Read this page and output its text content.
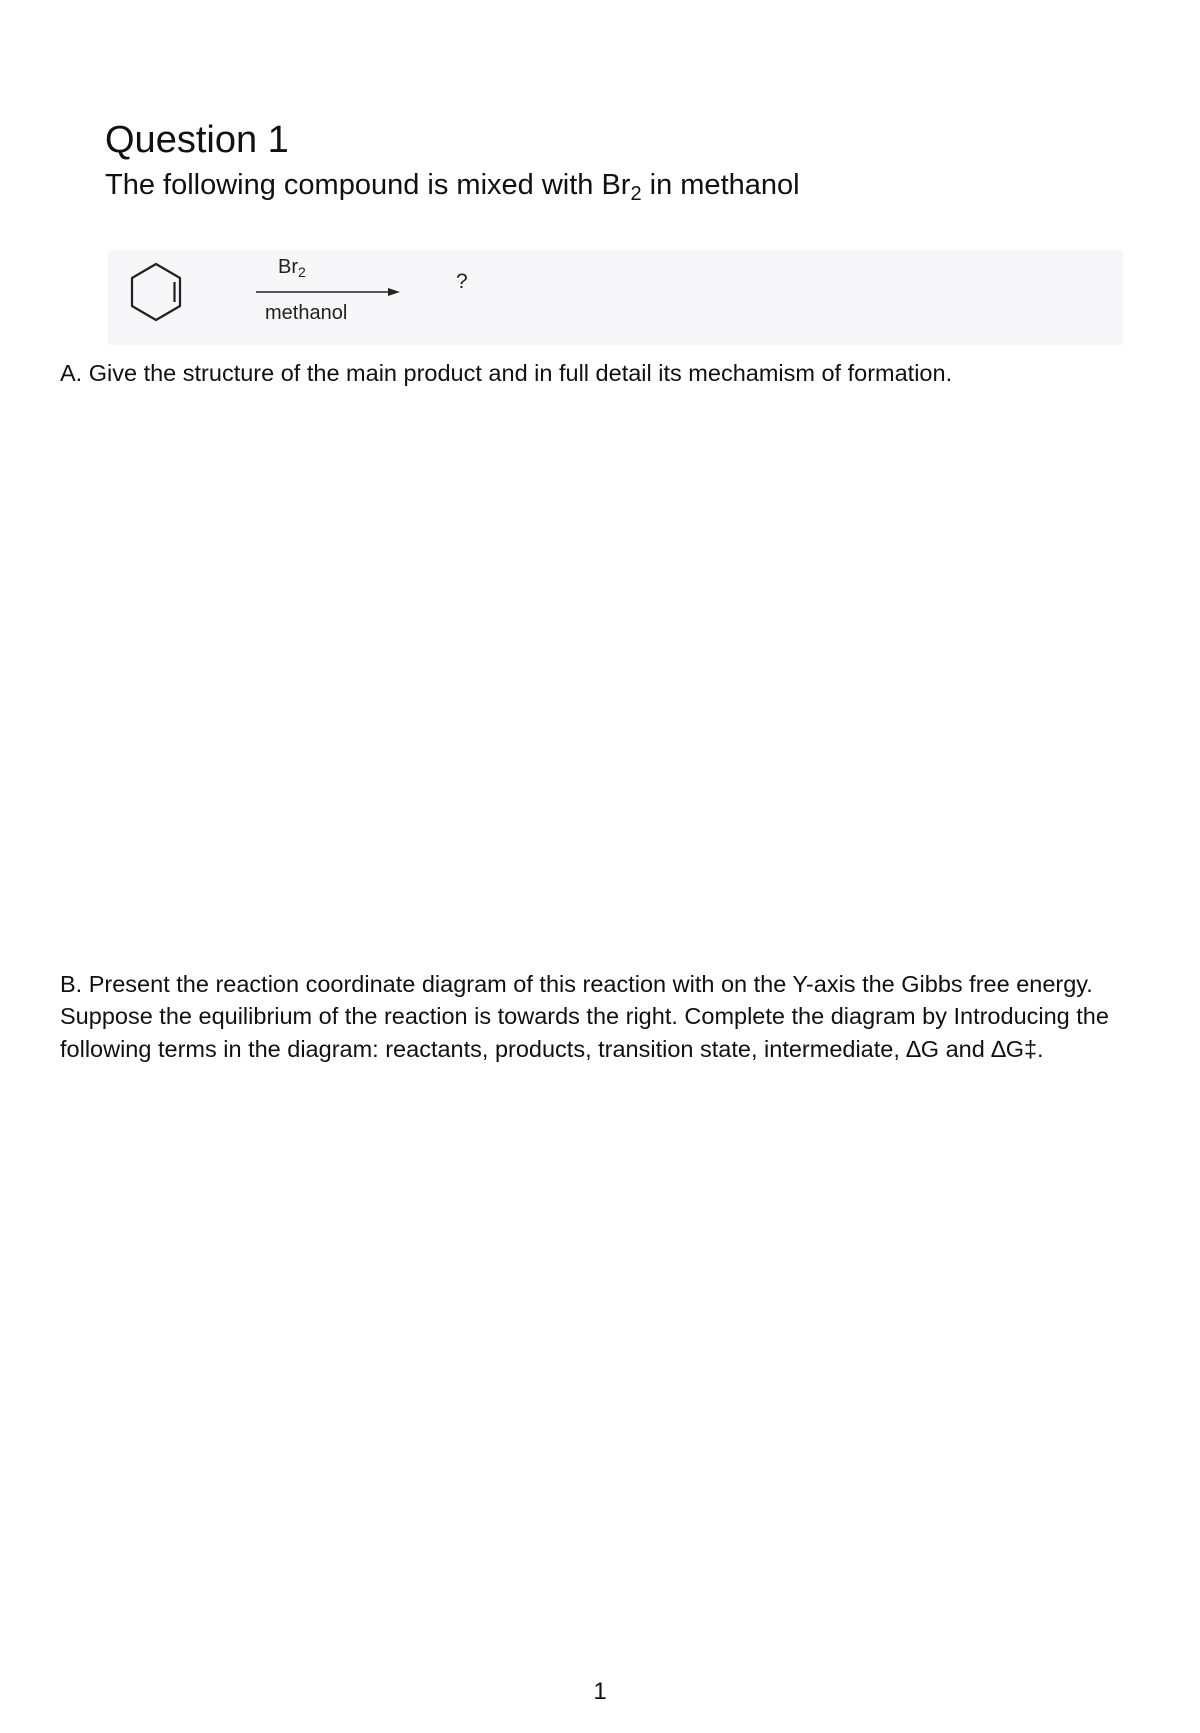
Question 1

The following compound is mixed with $Br_2$ in methanol

$Br_2$
methanol
?

A. Give the structure of the main product and in full detail its mechamism of formation.

B. Present the reaction coordinate diagram of this reaction with on the Y-axis the Gibbs free energy. Suppose the equilibrium of the reaction is towards the right. Complete the diagram by Introducing the following terms in the diagram: reactants, products, transition state, intermediate, ∆G and ∆G‡.

1
